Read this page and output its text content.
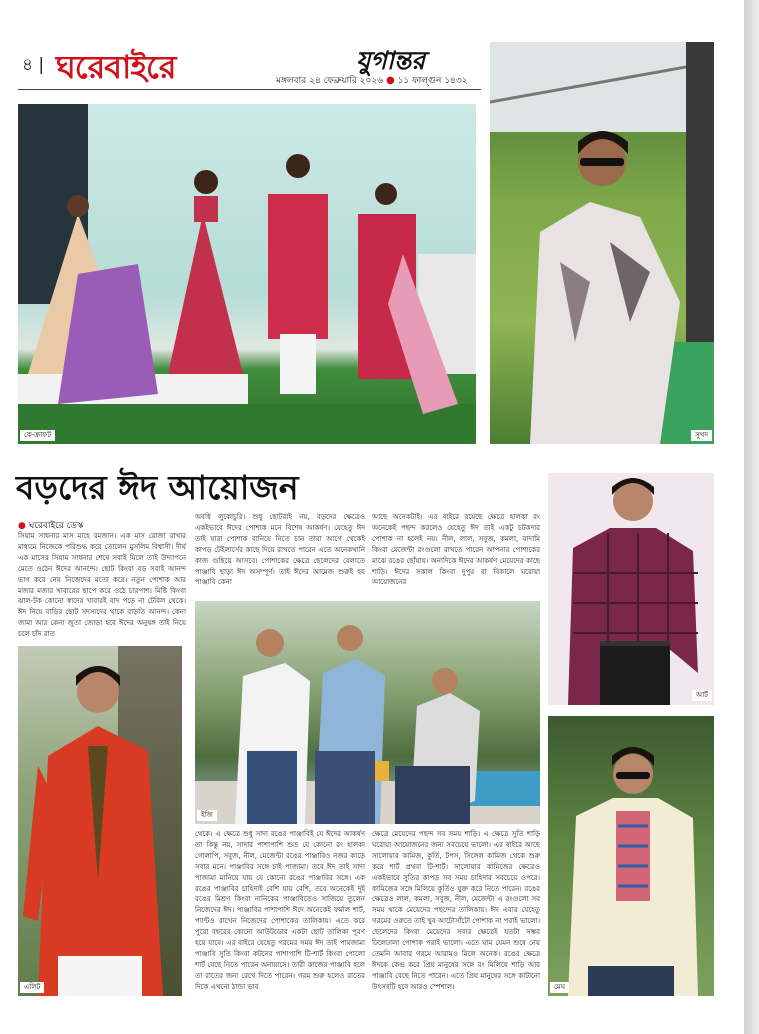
৪ | ঘরেবাইরে	যুগান্তর
মঙ্গলবার ২৪ ফেব্রুয়ারি ২০২৬ ● ১১ ফাল্গুন ১৪৩২
কে-ক্রাফট	সুখদ
বড়দের ঈদ আয়োজন
● ঘরেবাইরে ডেস্ক
সিয়াম সাধনার মাস মাহে রমজান। এক মাস রোজা রাখার মাধ্যমে নিজেকে পরিশুদ্ধ করে তোলেন মুসলিম বিশ্বাসী। দীর্ঘ এক মাসের সিয়াম সাধনার শেষে সবাই মিলে তাই উদ্যাপনে মেতে ওঠেন ঈদের আনন্দে। ছোট কিংবা বড় সবাই আনন্দ ভাগ করে নেয় নিজেদের মতো করে। নতুন পোশাক আর মজার মজার খাবারের ছাপে করে ওঠে চারপাশ। মিষ্টি কিংবা ঝাল-টক কোনো স্বাদের খাবারই বাদ পড়ে না টেবিল থেকে। ঈদ নিয়ে বাড়ির ছোট সদস্যদের থাকে বাড়তি আনন্দ। কেনা জামা আর কেনা জুতা জোড়া হবে ঈদের অনুষঙ্গ তাই নিয়ে চলে চাঁদ রাত
অবধি লুকোচুরি। শুধু ছোটরাই নয়, বড়দের ক্ষেত্রেও একইভাবে ঈদের পোশাক মনে বিশেষ আকর্ষণ। যেহেতু ঈদ তাই যারা পোশাক বানিয়ে নিতে চান তারা আগে থেকেই কাপড় টেইলার্সের কাছে দিয়ে রাখতে পারেন এতে অনেকখানি কাজ গুছিয়ে আসবে। পোশাকের ক্ষেত্রে ছেলেদের বেলাতে পাঞ্জাবি ছাড়া ঈদ অসম্পূর্ণ। তাই ঈদের আমেজ শুরুই হয় পাঞ্জাবি কেনা
আছে অনেকটাই। এর বাইরে রয়েছে ক্ষেত্রে হালকা রং অনেকেই পছন্দ করলেও যেহেতু ঈদ তাই একটু চটকদার পোশাক না হলেই নয়। নীল, লাল, সবুজ, কমলা, বাদামি কিংবা মেজেন্টা রংগুলো রাখতে পারেন আপনার পোশাকের মাঝে রঙের ছোঁয়ায়। অন্যদিকে ঈদের আকর্ষণ মেয়েদের কাছে শাড়ি। ঈদের সকাল কিংবা দুপুর বা বিকালে ঘরোয়া আয়োজনের
এলিট
ইজি
থেকে। এ ক্ষেত্রে শুধু সাদা রঙের পাঞ্জাবিই যে ঈদের আকর্ষণ তা কিন্তু নয়, সাদার পাশাপাশি শুভ্র যে কোনো রং হালকা গোলাপি, সবুজ, নীল, মেজেন্টা রঙের পাঞ্জাবিও নজর কাড়ে সবার মনে। পাঞ্জাবির সঙ্গে চাই পাজামা। তবে ঈদ তাই সাদা পাজামা মানিয়ে যায় যে কোনো রঙের পাঞ্জাবির সঙ্গে। এক রঙের পাঞ্জাবির চাহিদাই বেশি যায় বেশি, তবে অনেকেই দুই রঙের মিশ্রণ কিংবা নানিকের পাঞ্জাবিতেও সাজিয়ে তুলেন নিজেদের ঈদ। পাঞ্জাবির পাশাপাশি ঈদে অনেকেই ফর্মাল শার্ট, প্যান্টও রাখেন নিজেদের পোশাকের তালিকায়। এতে করে পুরো বছরের কোনো আউটডোর একটা ছোট তালিকা পূরণ হয়ে যাবে। এর বাইরে যেহেতু গরমের সময় ঈদ তাই পায়জামা পাঞ্জাবি সুতি কিংবা কটনের পাশাপাশি টি-শার্ট কিংবা পোলো শার্ট বেছে নিতে পারেন অনায়াসে। তারী কাজের পাঞ্জাবি হলে তা রাতের জন্য রেখে দিতে পারেন। গরম শুরু হলেও রাতের দিকে এখনো ঠান্ডা ভাব
ক্ষেত্রে মেয়েদের পছন্দ সব সময় শাড়ি। এ ক্ষেত্রে সুতি শাড়ি ঘরোয়া আয়োজনের জন্য সবচেয়ে ভালো। এর বাইরে আছে সালোয়ার কামিজ, কুর্তি, টপস, সিঙ্গেল কামিজ থেকে শুরু করে শার্ট প্রথবা টি-শার্ট। সালোয়ার কামিজের ক্ষেত্রেও একইভাবে সুতির কাপড় সব সময় চাহিদার সবচেয়ে ওপরে। কামিজের সঙ্গে মিলিয়ে কুর্তিও যুক্ত করে নিতে পারেন। রঙের ক্ষেত্রেও লাল, কমলা, সবুজ, নীল, মেজেন্টা এ রংগুলো সব সময় থাকে মেয়েদের পছন্দের তালিকায়। ঈদ এবার যেহেতু গরমের ওরুতে তাই খুব আটোসাঁটো পোশাক না পরাই ভালো। ছেলেদের কিংবা মেয়েদের সবার ক্ষেত্রেই যতটা সম্ভব ঢিলেঢালা পোশাক পরাই ভালো। এতে ঘাম যেমন শুষে নেয় তেমনি আবার গরমে আরামও মিলে অনেক। রঙের ক্ষেত্রে ঈদকে কেন্দ্র করে প্রিয় মানুষের সঙ্গে রং মিলিয়ে শাড়ি আর পাঞ্জাবি বেছে নিতে পারেন। এতে প্রিয় মানুষের সঙ্গে কাটানো উৎসবটি হবে আরও স্পেশাল।
আর্ট
মেঘ
